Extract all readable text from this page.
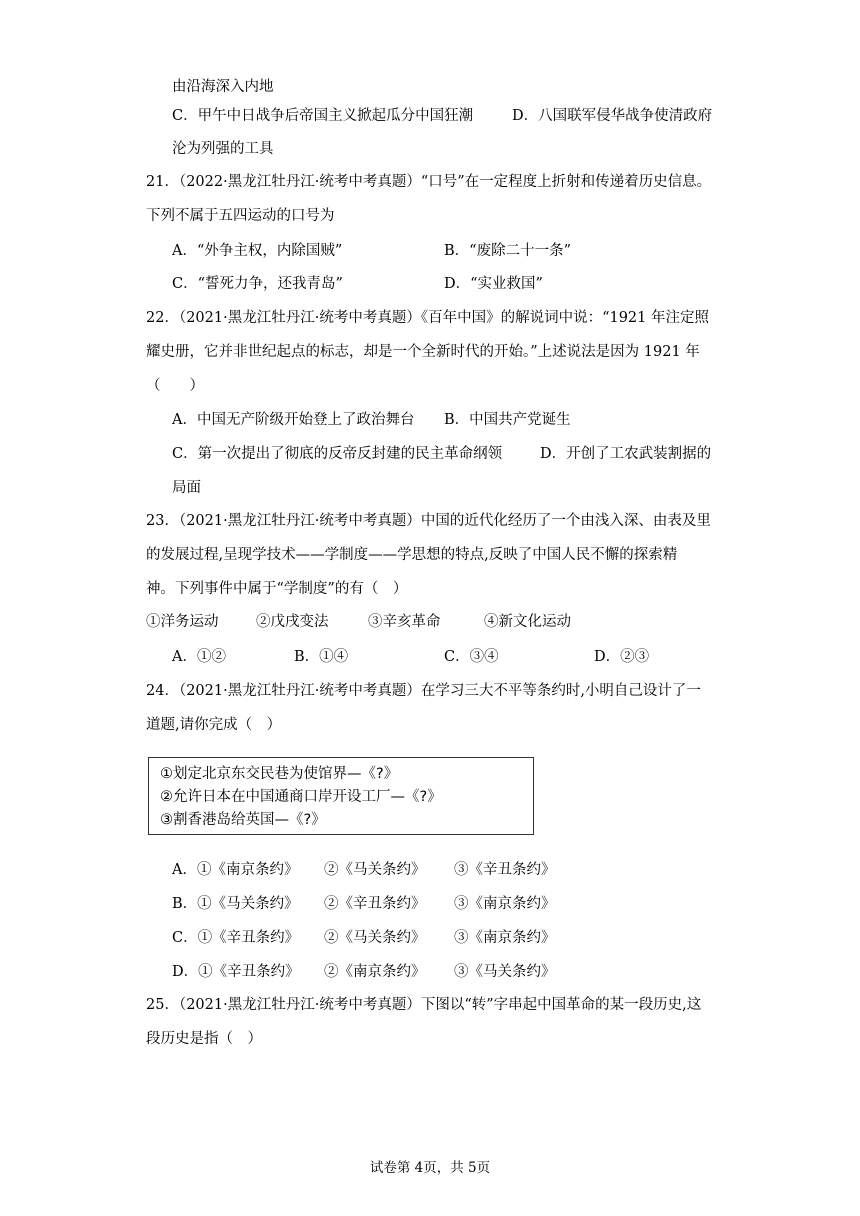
由沿海深入内地
C．甲午中日战争后帝国主义掀起瓜分中国狂潮	D．八国联军侵华战争使清政府
沦为列强的工具
21．（2022·黑龙江牡丹江·统考中考真题）“口号”在一定程度上折射和传递着历史信息。
下列不属于五四运动的口号为
A．“外争主权，内除国贼”	B．“废除二十一条”
C．“誓死力争，还我青岛”	D．“实业救国”
22．（2021·黑龙江牡丹江·统考中考真题）《百年中国》的解说词中说：“1921 年注定照
耀史册，它并非世纪起点的标志，却是一个全新时代的开始。”上述说法是因为 1921 年
（　　）
A．中国无产阶级开始登上了政治舞台 B．中国共产党诞生
C．第一次提出了彻底的反帝反封建的民主革命纲领	D．开创了工农武装割据的
局面
23．（2021·黑龙江牡丹江·统考中考真题）中国的近代化经历了一个由浅入深、由表及里
的发展过程,呈现学技术——学制度——学思想的特点,反映了中国人民不懈的探索精
神。下列事件中属于“学制度”的有（　）
①洋务运动	②戊戌变法	③辛亥革命	④新文化运动
A．①②	B．①④	C．③④	D．②③
24．（2021·黑龙江牡丹江·统考中考真题）在学习三大不平等条约时,小明自己设计了一
道题,请你完成（　）
①划定北京东交民巷为使馆界—《?》
②允许日本在中国通商口岸开设工厂—《?》
③割香港岛给英国—《?》
A．①《南京条约》 ②《马关条约》 ③《辛丑条约》
B．①《马关条约》 ②《辛丑条约》 ③《南京条约》
C．①《辛丑条约》 ②《马关条约》 ③《南京条约》
D．①《辛丑条约》 ②《南京条约》 ③《马关条约》
25．（2021·黑龙江牡丹江·统考中考真题）下图以“转”字串起中国革命的某一段历史,这
段历史是指（　）
试卷第 4页，共 5页
